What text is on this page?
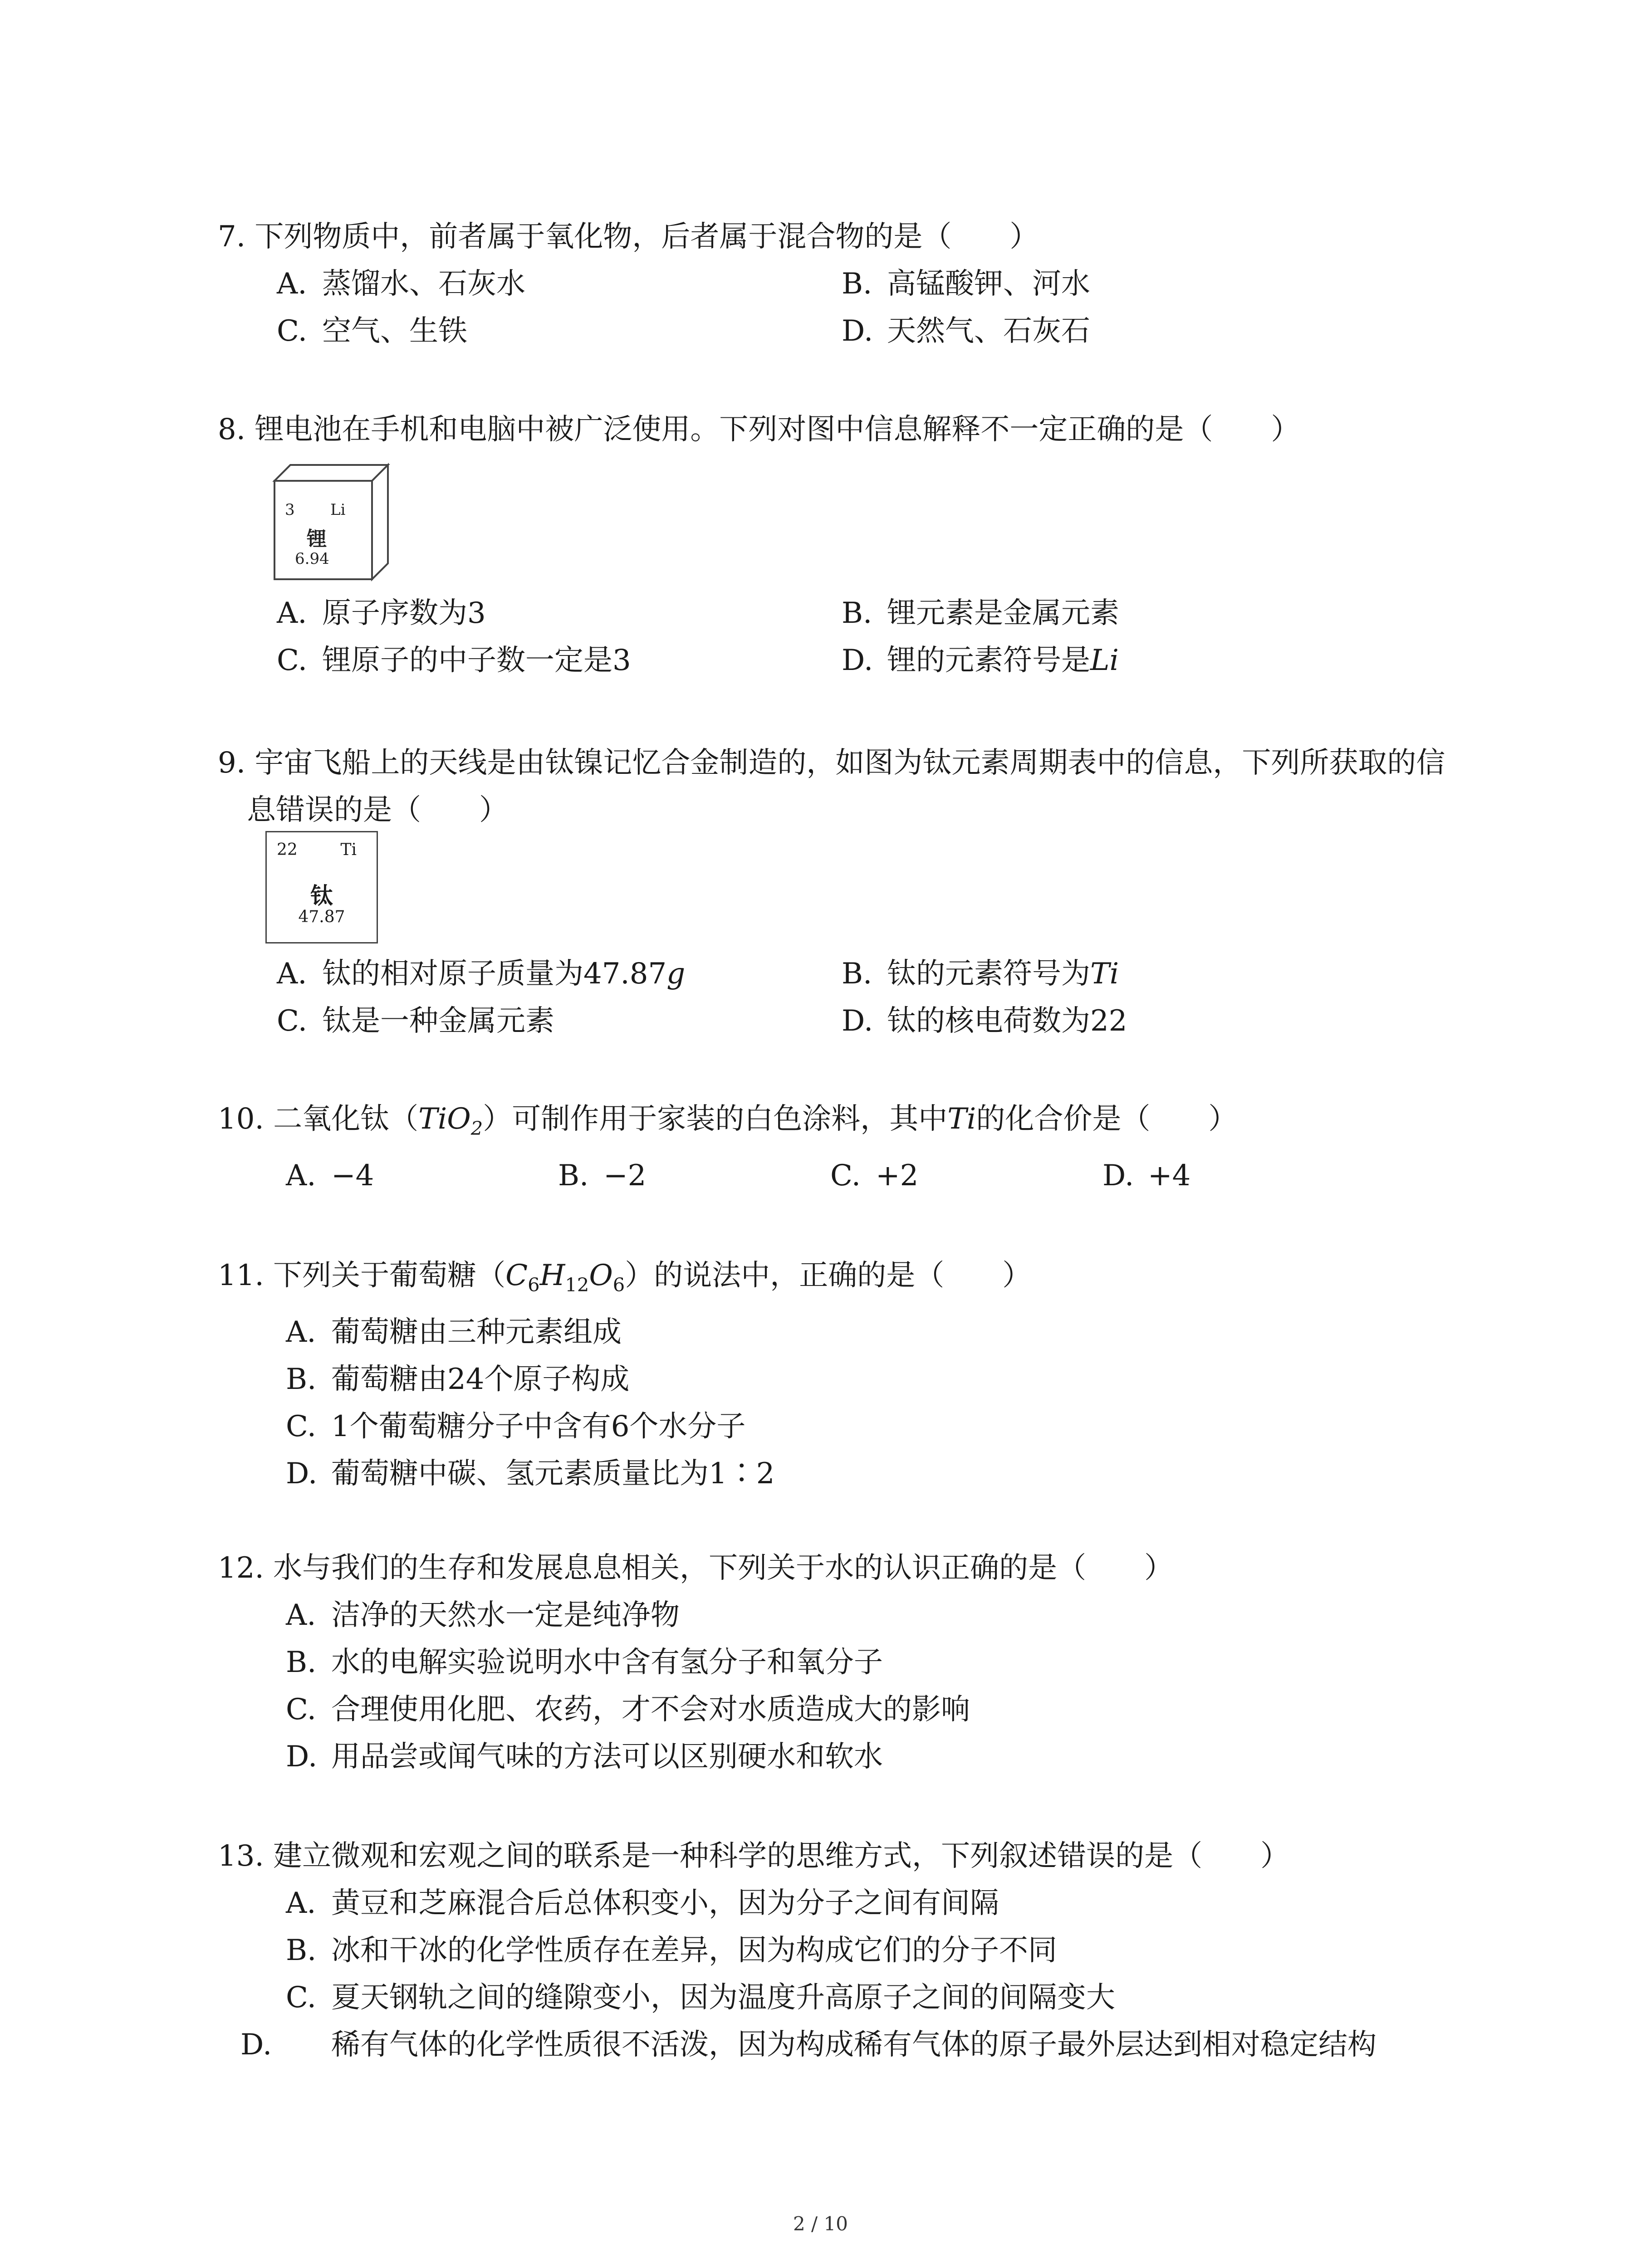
7. 下列物质中，前者属于氧化物，后者属于混合物的是（　　）
A. 蒸馏水、石灰水	B. 高锰酸钾、河水
C. 空气、生铁	D. 天然气、石灰石
8. 锂电池在手机和电脑中被广泛使用。下列对图中信息解释不一定正确的是（　　）
3 Li
锂
6.94
A. 原子序数为3	B. 锂元素是金属元素
C. 锂原子的中子数一定是3	D. 锂的元素符号是Li
9. 宇宙飞船上的天线是由钛镍记忆合金制造的，如图为钛元素周期表中的信息，下列所获取的信息错误的是（　　）
22	Ti
钛
47.87
A. 钛的相对原子质量为47.87g	B. 钛的元素符号为Ti
C. 钛是一种金属元素	D. 钛的核电荷数为22
10. 二氧化钛（TiO$_2$）可制作用于家装的白色涂料，其中Ti的化合价是（　　）
A. −4	B. −2	C. +2	D. +4
11. 下列关于葡萄糖$(C_6H_{12}O_6)$的说法中，正确的是（　　）
A. 葡萄糖由三种元素组成
B. 葡萄糖由24个原子构成
C. 1个葡萄糖分子中含有6个水分子
D. 葡萄糖中碳、氢元素质量比为1∶2
12. 水与我们的生存和发展息息相关，下列关于水的认识正确的是（　　）
A. 洁净的天然水一定是纯净物
B. 水的电解实验说明水中含有氢分子和氧分子
C. 合理使用化肥、农药，才不会对水质造成大的影响
D. 用品尝或闻气味的方法可以区别硬水和软水
13. 建立微观和宏观之间的联系是一种科学的思维方式，下列叙述错误的是（　　）
A. 黄豆和芝麻混合后总体积变小，因为分子之间有间隔
B. 冰和干冰的化学性质存在差异，因为构成它们的分子不同
C. 夏天钢轨之间的缝隙变小，因为温度升高原子之间的间隔变大
D. 稀有气体的化学性质很不活泼，因为构成稀有气体的原子最外层达到相对稳定结构
2 / 10
